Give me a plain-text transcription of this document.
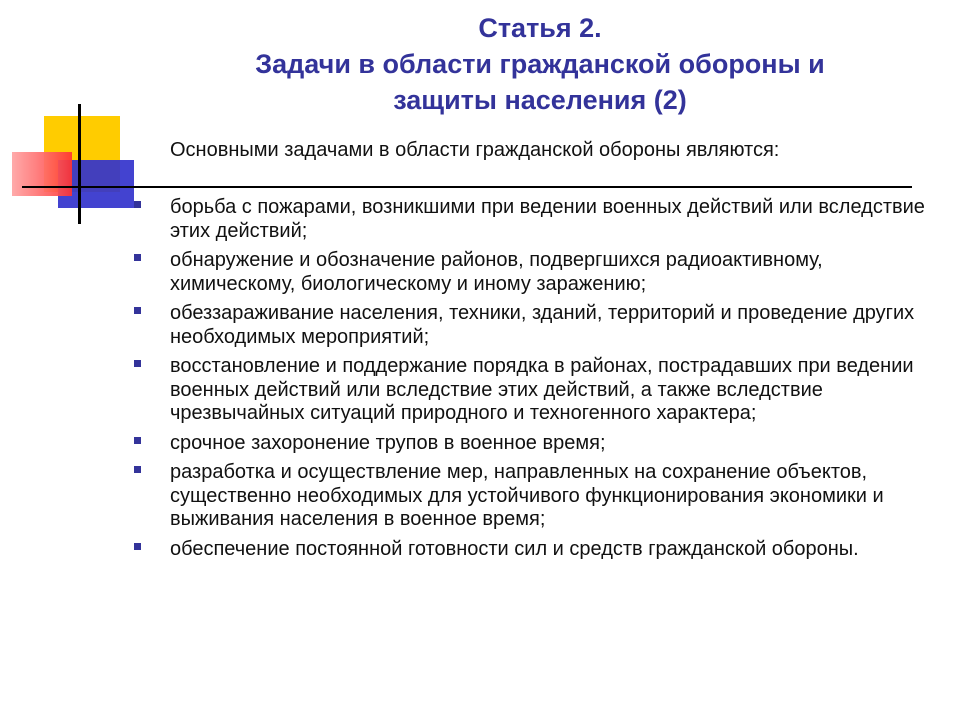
Статья 2.
Задачи в области гражданской обороны и
защиты населения (2)
Основными задачами в области гражданской обороны являются:
борьба с пожарами, возникшими при ведении военных действий или вследствие этих действий;
обнаружение и обозначение районов, подвергшихся радиоактивному, химическому, биологическому и иному заражению;
обеззараживание населения, техники, зданий, территорий и проведение других необходимых мероприятий;
восстановление и поддержание порядка в районах, пострадавших при ведении военных действий или вследствие этих действий, а также вследствие чрезвычайных ситуаций природного и техногенного характера;
срочное захоронение трупов в военное время;
разработка и осуществление мер, направленных на сохранение объектов, существенно необходимых для устойчивого функционирования экономики и выживания населения в военное время;
обеспечение постоянной готовности сил и средств гражданской обороны.
